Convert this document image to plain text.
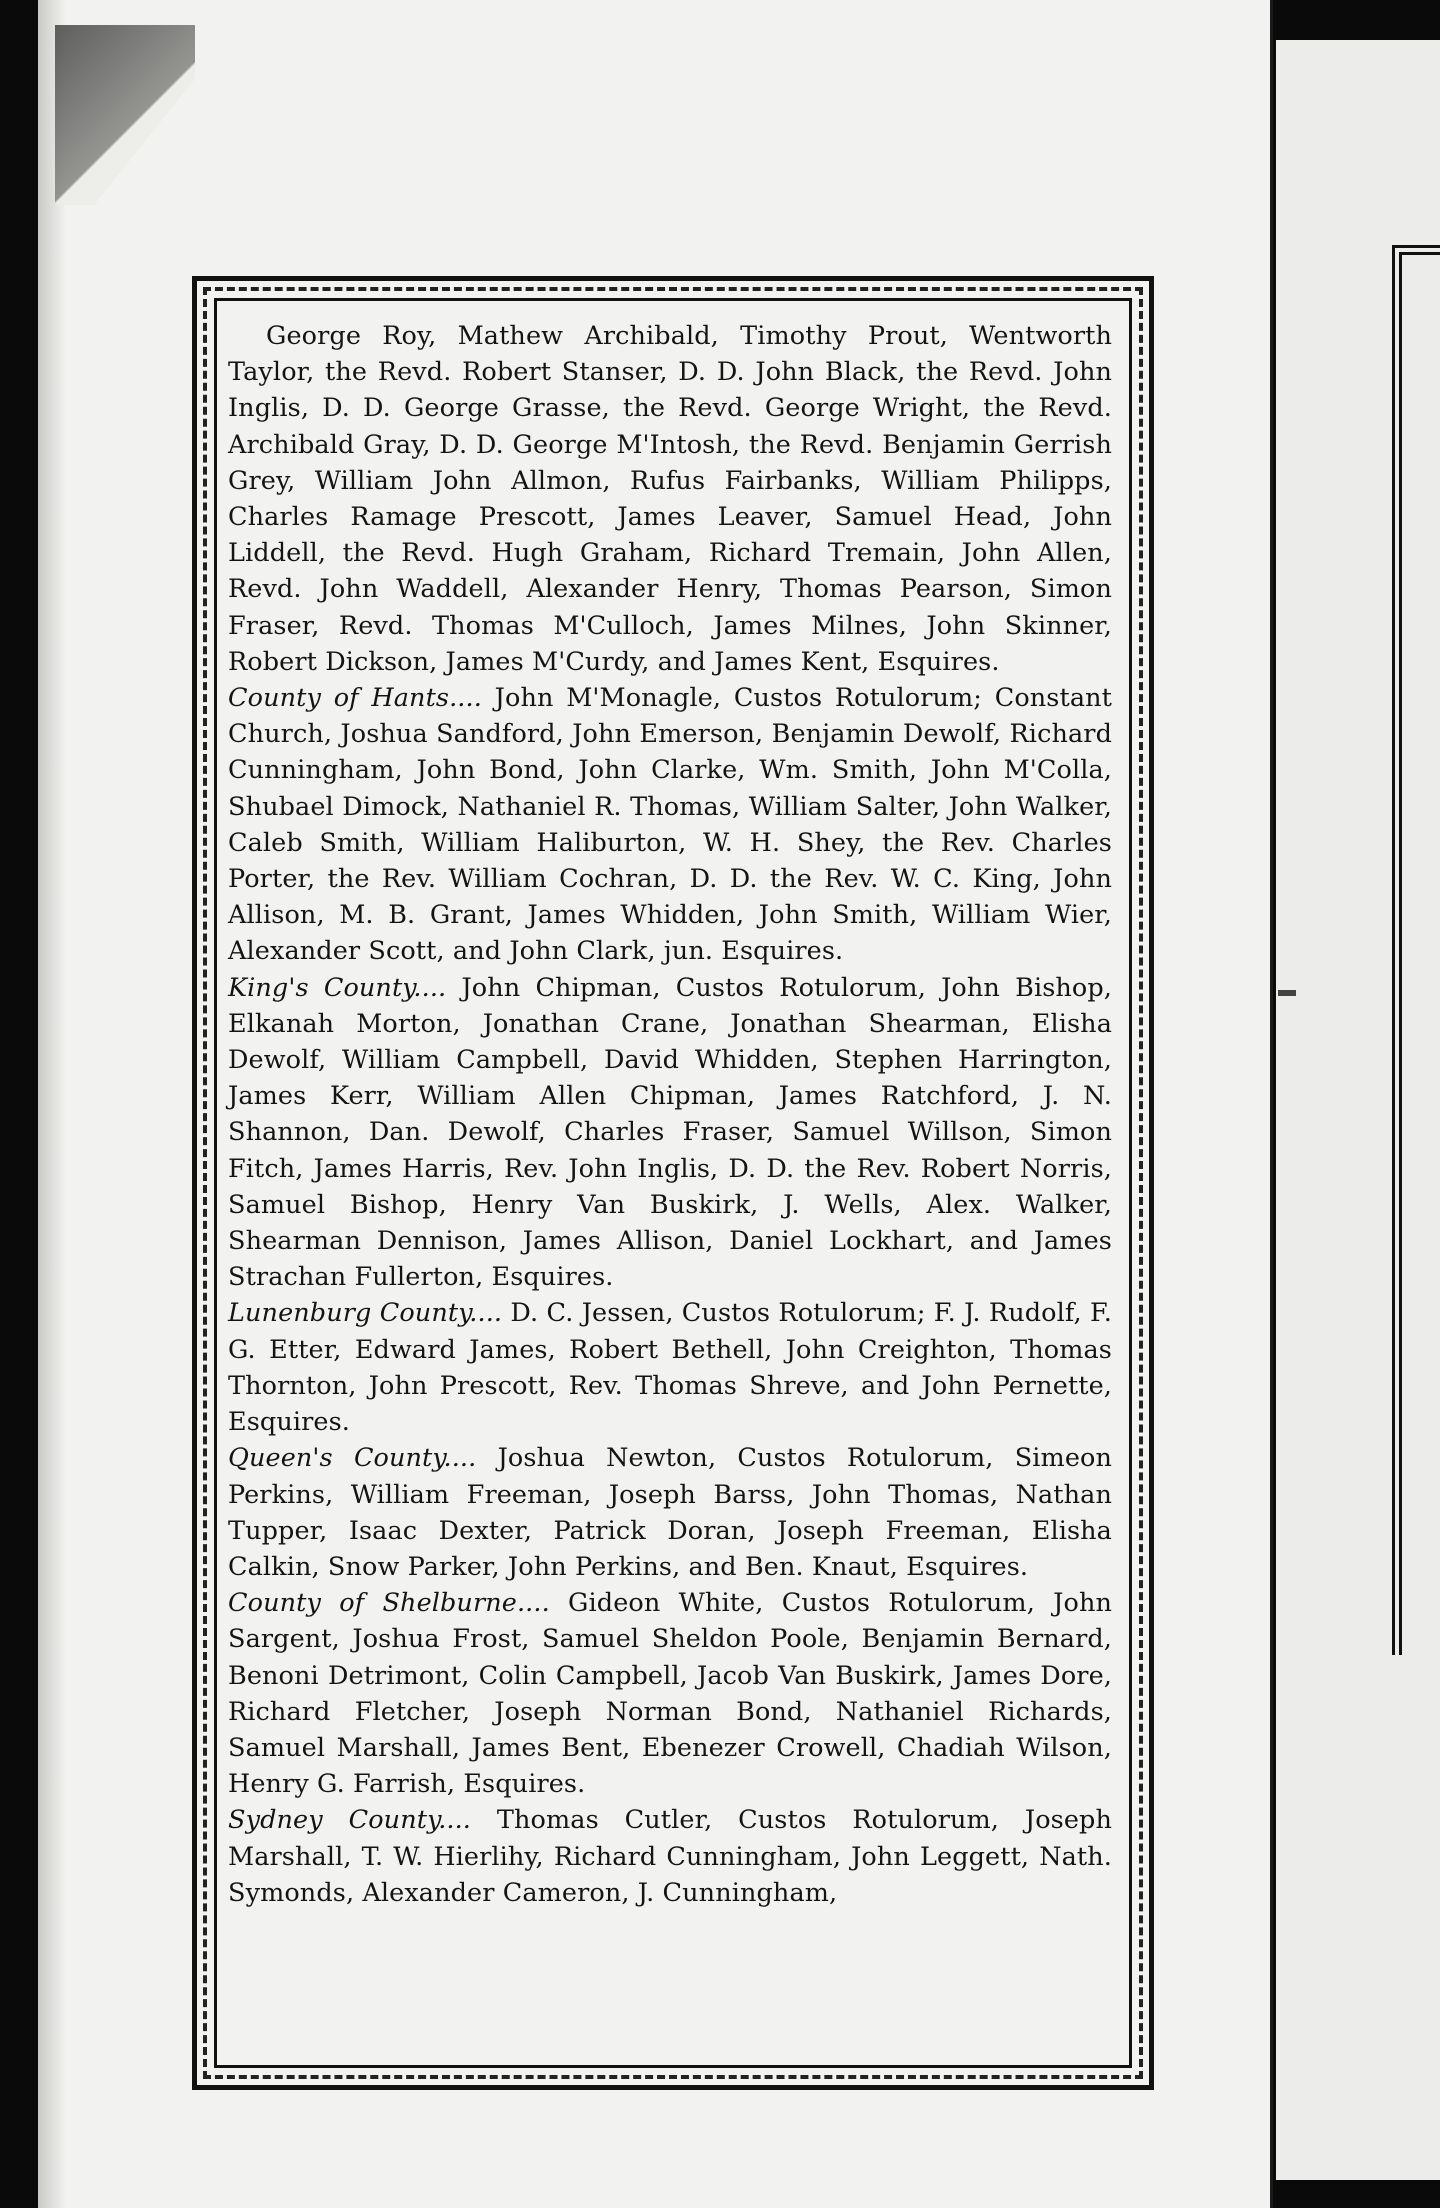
George Roy, Mathew Archibald, Timothy Prout, Wentworth Taylor, the Revd. Robert Stanser, D. D. John Black, the Revd. John Inglis, D. D. George Grasse, the Revd. George Wright, the Revd. Archibald Gray, D. D. George M'Intosh, the Revd. Benjamin Gerrish Grey, William John Allmon, Rufus Fairbanks, William Philipps, Charles Ramage Prescott, James Leaver, Samuel Head, John Liddell, the Revd. Hugh Graham, Richard Tremain, John Allen, Revd. John Waddell, Alexander Henry, Thomas Pearson, Simon Fraser, Revd. Thomas M'Culloch, James Milnes, John Skinner, Robert Dickson, James M'Curdy, and James Kent, Esquires.

County of Hants.... John M'Monagle, Custos Rotulorum; Constant Church, Joshua Sandford, John Emerson, Benjamin Dewolf, Richard Cunningham, John Bond, John Clarke, Wm. Smith, John M'Colla, Shubael Dimock, Nathaniel R. Thomas, William Salter, John Walker, Caleb Smith, William Haliburton, W. H. Shey, the Rev. Charles Porter, the Rev. William Cochran, D. D. the Rev. W. C. King, John Allison, M. B. Grant, James Whidden, John Smith, William Wier, Alexander Scott, and John Clark, jun. Esquires.

King's County.... John Chipman, Custos Rotulorum, John Bishop, Elkanah Morton, Jonathan Crane, Jonathan Shearman, Elisha Dewolf, William Campbell, David Whidden, Stephen Harrington, James Kerr, William Allen Chipman, James Ratchford, J. N. Shannon, Dan. Dewolf, Charles Fraser, Samuel Willson, Simon Fitch, James Harris, Rev. John Inglis, D. D. the Rev. Robert Norris, Samuel Bishop, Henry Van Buskirk, J. Wells, Alex. Walker, Shearman Dennison, James Allison, Daniel Lockhart, and James Strachan Fullerton, Esquires.

Lunenburg County.... D. C. Jessen, Custos Rotulorum; F. J. Rudolf, F. G. Etter, Edward James, Robert Bethell, John Creighton, Thomas Thornton, John Prescott, Rev. Thomas Shreve, and John Pernette, Esquires.

Queen's County.... Joshua Newton, Custos Rotulorum, Simeon Perkins, William Freeman, Joseph Barss, John Thomas, Nathan Tupper, Isaac Dexter, Patrick Doran, Joseph Freeman, Elisha Calkin, Snow Parker, John Perkins, and Ben. Knaut, Esquires.

County of Shelburne.... Gideon White, Custos Rotulorum, John Sargent, Joshua Frost, Samuel Sheldon Poole, Benjamin Bernard, Benoni Detrimont, Colin Campbell, Jacob Van Buskirk, James Dore, Richard Fletcher, Joseph Norman Bond, Nathaniel Richards, Samuel Marshall, James Bent, Ebenezer Crowell, Chadiah Wilson, Henry G. Farrish, Esquires.

Sydney County.... Thomas Cutler, Custos Rotulorum, Joseph Marshall, T. W. Hierlihy, Richard Cunningham, John Leggett, Nath. Symonds, Alexander Cameron, J. Cunningham,
